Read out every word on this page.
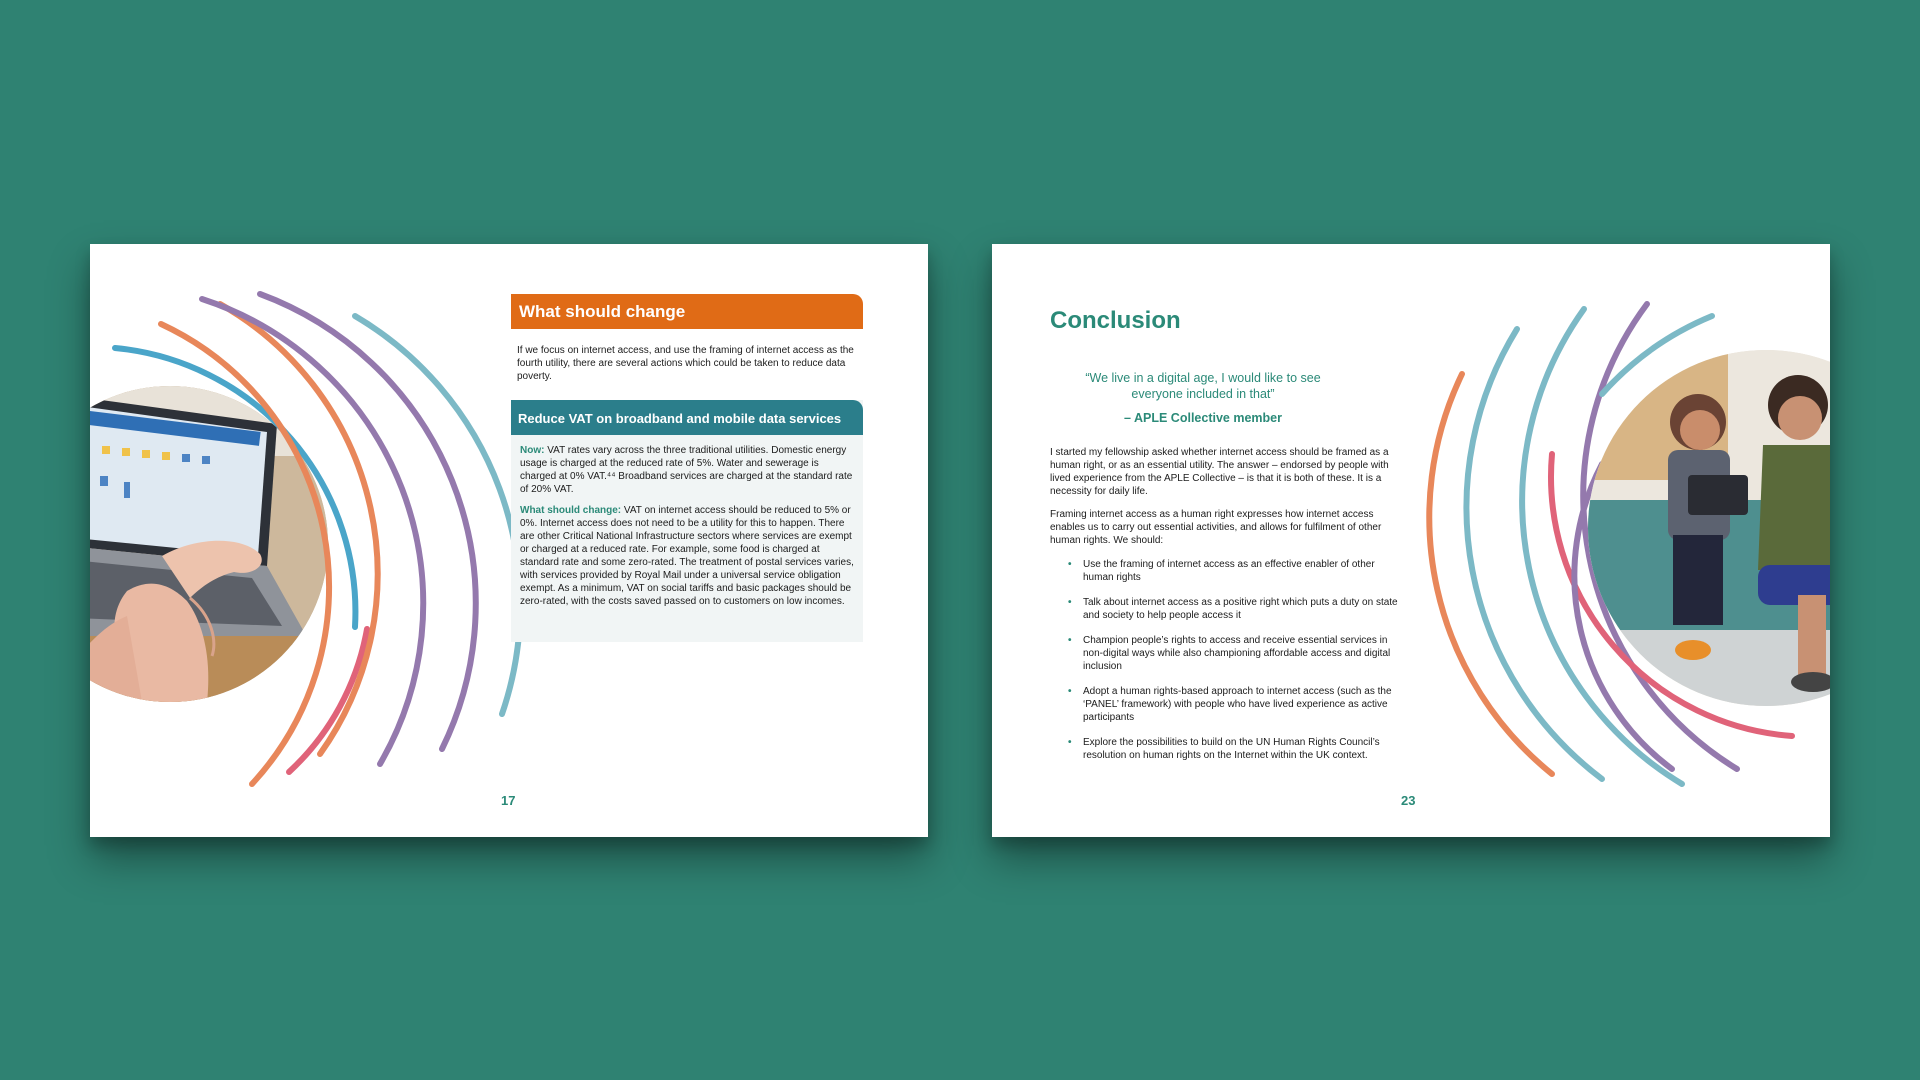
What should change
If we focus on internet access, and use the framing of internet access as the fourth utility, there are several actions which could be taken to reduce data poverty.
Reduce VAT on broadband and mobile data services

Now: VAT rates vary across the three traditional utilities. Domestic energy usage is charged at the reduced rate of 5%. Water and sewerage is charged at 0% VAT.⁴⁴ Broadband services are charged at the standard rate of 20% VAT.

What should change: VAT on internet access should be reduced to 5% or 0%. Internet access does not need to be a utility for this to happen. There are other Critical National Infrastructure sectors where services are exempt or charged at a reduced rate. For example, some food is charged at standard rate and some zero-rated. The treatment of postal services varies, with services provided by Royal Mail under a universal service obligation exempt. As a minimum, VAT on social tariffs and basic packages should be zero-rated, with the costs saved passed on to customers on low incomes.

17
Conclusion
“We live in a digital age, I would like to see everyone included in that”
– APLE Collective member
I started my fellowship asked whether internet access should be framed as a human right, or as an essential utility. The answer – endorsed by people with lived experience from the APLE Collective – is that it is both of these. It is a necessity for daily life.
Framing internet access as a human right expresses how internet access enables us to carry out essential activities, and allows for fulfilment of other human rights. We should:
• Use the framing of internet access as an effective enabler of other human rights
• Talk about internet access as a positive right which puts a duty on state and society to help people access it
• Champion people’s rights to access and receive essential services in non-digital ways while also championing affordable access and digital inclusion
• Adopt a human rights-based approach to internet access (such as the ‘PANEL’ framework) with people who have lived experience as active participants
• Explore the possibilities to build on the UN Human Rights Council’s resolution on human rights on the Internet within the UK context.
23
